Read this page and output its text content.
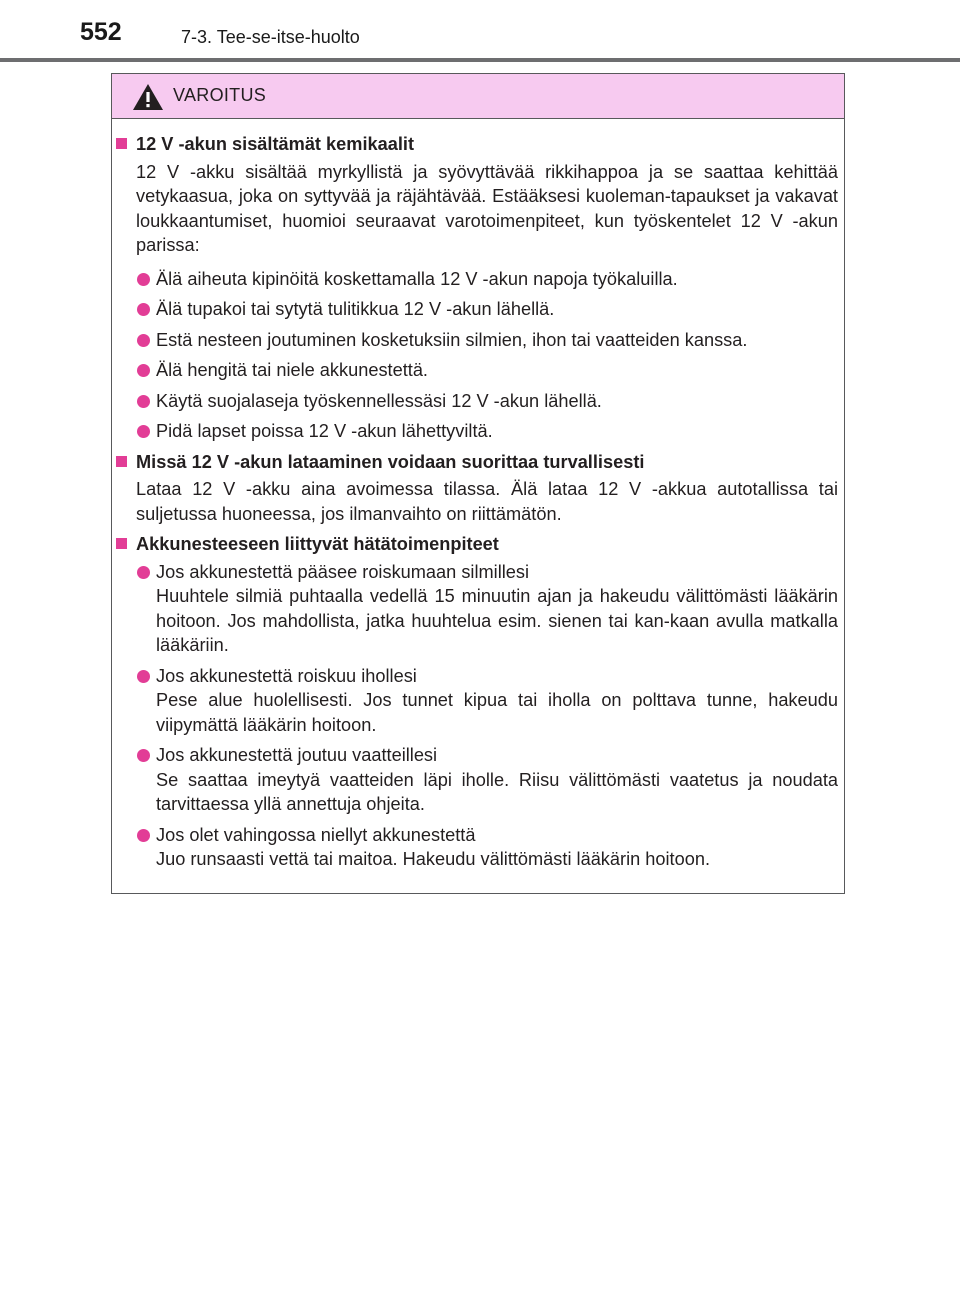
552	7-3. Tee-se-itse-huolto
VAROITUS
12 V -akun sisältämät kemikaalit
12 V -akku sisältää myrkyllistä ja syövyttävää rikkihappoa ja se saattaa kehittää vetykaasua, joka on syttyvää ja räjähtävää. Estääksesi kuoleman-tapaukset ja vakavat loukkaantumiset, huomioi seuraavat varotoimenpiteet, kun työskentelet 12 V -akun parissa:
Älä aiheuta kipinöitä koskettamalla 12 V -akun napoja työkaluilla.
Älä tupakoi tai sytytä tulitikkua 12 V -akun lähellä.
Estä nesteen joutuminen kosketuksiin silmien, ihon tai vaatteiden kanssa.
Älä hengitä tai niele akkunestettä.
Käytä suojalaseja työskennellessäsi 12 V -akun lähellä.
Pidä lapset poissa 12 V -akun lähettyviltä.
Missä 12 V -akun lataaminen voidaan suorittaa turvallisesti
Lataa 12 V -akku aina avoimessa tilassa. Älä lataa 12 V -akkua autotallissa tai suljetussa huoneessa, jos ilmanvaihto on riittämätön.
Akkunesteeseen liittyvät hätätoimenpiteet
Jos akkunestettä pääsee roiskumaan silmillesi
Huuhtele silmiä puhtaalla vedellä 15 minuutin ajan ja hakeudu välittömästi lääkärin hoitoon. Jos mahdollista, jatka huuhtelua esim. sienen tai kan-kaan avulla matkalla lääkäriin.
Jos akkunestettä roiskuu ihollesi
Pese alue huolellisesti. Jos tunnet kipua tai iholla on polttava tunne, hakeudu viipymättä lääkärin hoitoon.
Jos akkunestettä joutuu vaatteillesi
Se saattaa imeytyä vaatteiden läpi iholle. Riisu välittömästi vaatetus ja noudata tarvittaessa yllä annettuja ohjeita.
Jos olet vahingossa niellyt akkunestettä
Juo runsaasti vettä tai maitoa. Hakeudu välittömästi lääkärin hoitoon.
